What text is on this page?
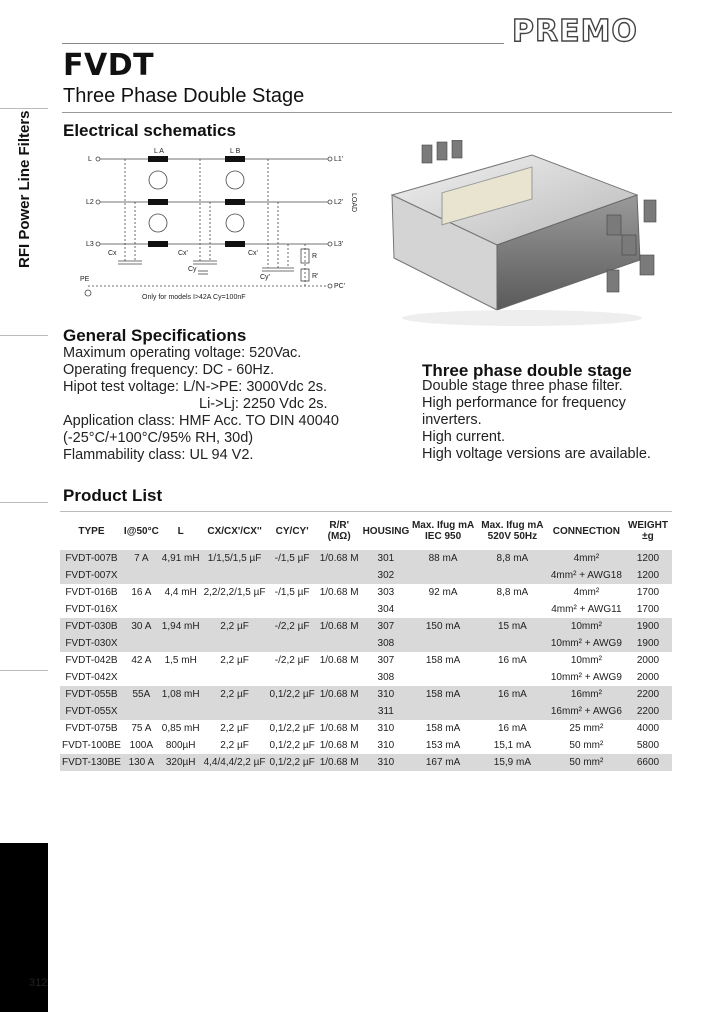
PREMO
FVDT
Three Phase Double Stage
RFI Power Line Filters
312
Electrical schematics
L
L2
L3
L1'
L2'
L3'
L A	L B
PE
PC'
Cx	Cx'
Cy
Cx'
Cy'
R
R'
Only for models I>42A Cy=100nF
LOAD
General Specifications
Maximum operating voltage: 520Vac.
Operating frequency: DC - 60Hz.
Hipot test voltage: L/N->PE: 3000Vdc 2s.
Li->Lj: 2250 Vdc 2s.
Application class: HMF Acc. TO DIN 40040
(-25°C/+100°C/95% RH, 30d)
Flammability class: UL 94 V2.
Three phase double stage
Double stage three phase filter.
High performance for frequency
inverters.
High current.
High voltage versions are available.
Product List
TYPE	I@50°C	L	CX/CX'/CX''	CY/CY'	R/R' (MΩ)	HOUSING	Max. Ifug mA IEC 950	Max. Ifug mA 520V 50Hz	CONNECTION	WEIGHT ±g
FVDT-007B	7 A	4,91 mH	1/1,5/1,5 µF	-/1,5 µF	1/0.68 M	301	88 mA	8,8 mA	4mm²	1200
FVDT-007X						302			4mm² + AWG18	1200
FVDT-016B	16 A	4,4 mH	2,2/2,2/1,5 µF	-/1,5 µF	1/0.68 M	303	92 mA	8,8 mA	4mm²	1700
FVDT-016X						304			4mm² + AWG11	1700
FVDT-030B	30 A	1,94 mH	2,2 µF	-/2,2 µF	1/0.68 M	307	150 mA	15 mA	10mm²	1900
FVDT-030X						308			10mm² + AWG9	1900
FVDT-042B	42 A	1,5 mH	2,2 µF	-/2,2 µF	1/0.68 M	307	158 mA	16 mA	10mm²	2000
FVDT-042X						308			10mm² + AWG9	2000
FVDT-055B	55A	1,08 mH	2,2 µF	0,1/2,2 µF	1/0.68 M	310	158 mA	16 mA	16mm²	2200
FVDT-055X						311			16mm² + AWG6	2200
FVDT-075B	75 A	0,85 mH	2,2 µF	0,1/2,2 µF	1/0.68 M	310	158 mA	16 mA	25 mm²	4000
FVDT-100BE	100A	800µH	2,2 µF	0,1/2,2 µF	1/0.68 M	310	153 mA	15,1 mA	50 mm²	5800
FVDT-130BE	130 A	320µH	4,4/4,4/2,2 µF	0,1/2,2 µF	1/0.68 M	310	167 mA	15,9 mA	50 mm²	6600
